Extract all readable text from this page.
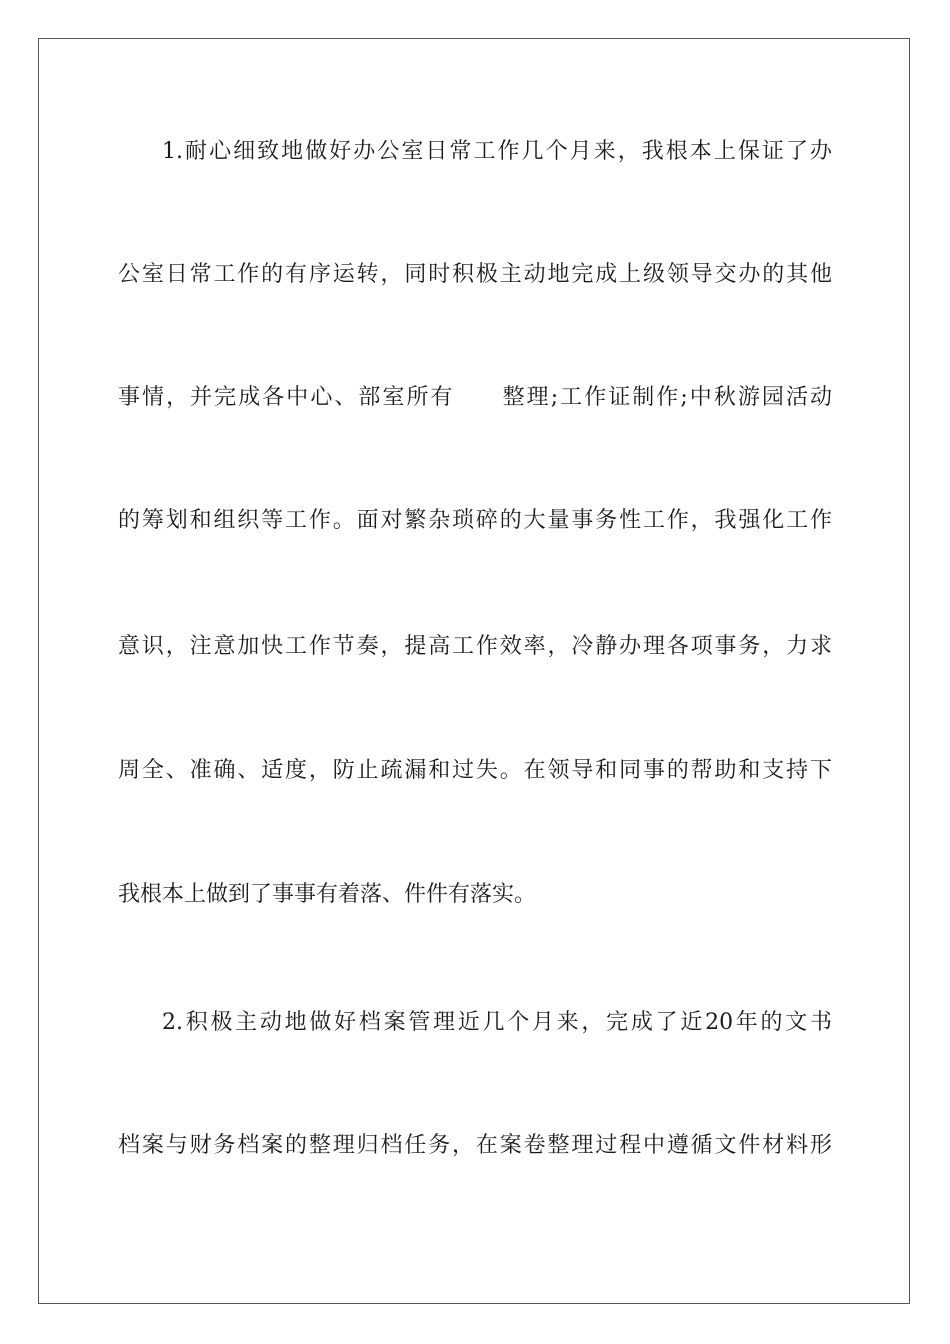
1.耐心细致地做好办公室日常工作几个月来，我根本上保证了办
公室日常工作的有序运转，同时积极主动地完成上级领导交办的其他
事情，并完成各中心、部室所有　　整理;工作证制作;中秋游园活动
的筹划和组织等工作。面对繁杂琐碎的大量事务性工作，我强化工作
意识，注意加快工作节奏，提高工作效率，冷静办理各项事务，力求
周全、准确、适度，防止疏漏和过失。在领导和同事的帮助和支持下
我根本上做到了事事有着落、件件有落实。
2.积极主动地做好档案管理近几个月来，完成了近20年的文书
档案与财务档案的整理归档任务，在案卷整理过程中遵循文件材料形
